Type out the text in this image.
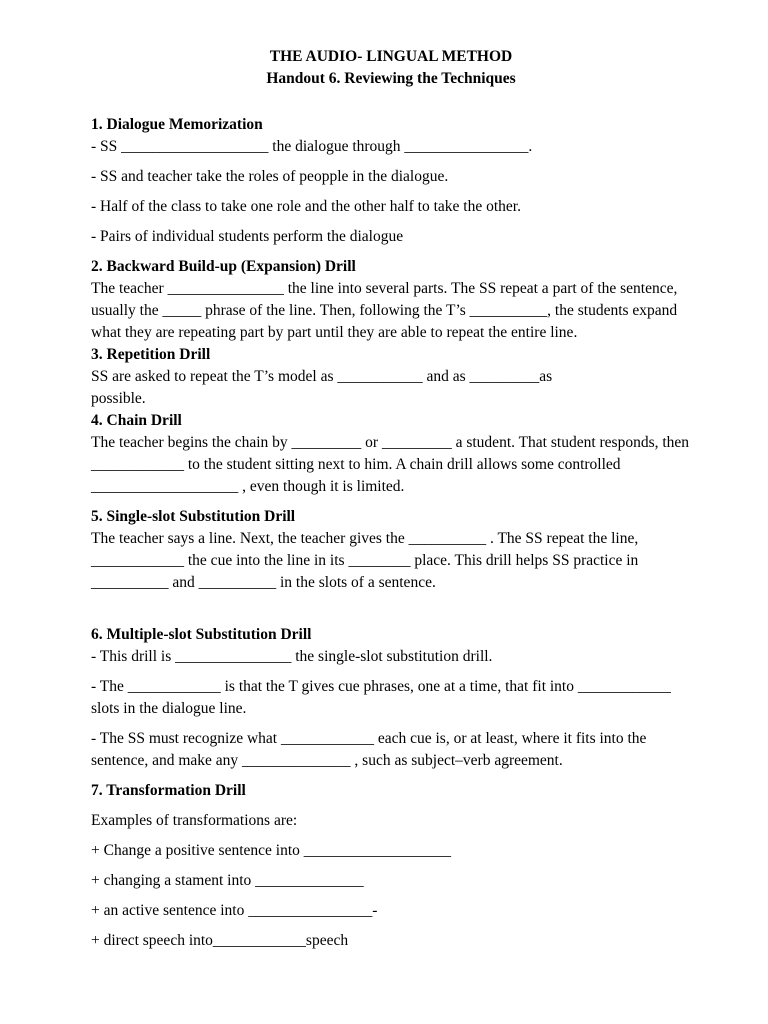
THE AUDIO- LINGUAL METHOD

Handout 6. Reviewing the Techniques

1. Dialogue Memorization

- SS ___________________ the dialogue through ________________.

- SS and teacher take the roles of peopple in the dialogue.

- Half of the class to take one role and the other half to take the other.

- Pairs of individual students perform the dialogue

2. Backward Build-up (Expansion) Drill

The teacher _______________ the line into several parts. The SS repeat a part of the sentence, usually the _____ phrase of the line. Then, following the T’s __________, the students expand what they are repeating part by part until they are able to repeat the entire line.

3. Repetition Drill

SS are asked to repeat the T’s model as ___________ and as _________as possible.

4. Chain Drill

The teacher begins the chain by _________ or _________ a student. That student responds, then ____________ to the student sitting next to him. A chain drill allows some controlled ___________________ , even though it is limited.

5. Single-slot Substitution Drill

The teacher says a line. Next, the teacher gives the __________ . The SS repeat the line, ____________ the cue into the line in its ________ place. This drill helps SS practice in __________ and __________ in the slots of a sentence.

6. Multiple-slot Substitution Drill

- This drill is _______________ the single-slot substitution drill.

- The ____________ is that the T gives cue phrases, one at a time, that fit into ____________ slots in the dialogue line.

- The SS must recognize what ____________ each cue is, or at least, where it fits into the sentence, and make any ______________ , such as subject–verb agreement.

7. Transformation Drill

Examples of transformations are:

+ Change a positive sentence into ___________________

+ changing a stament into ______________

+ an active sentence into ________________-

+ direct speech into____________speech
